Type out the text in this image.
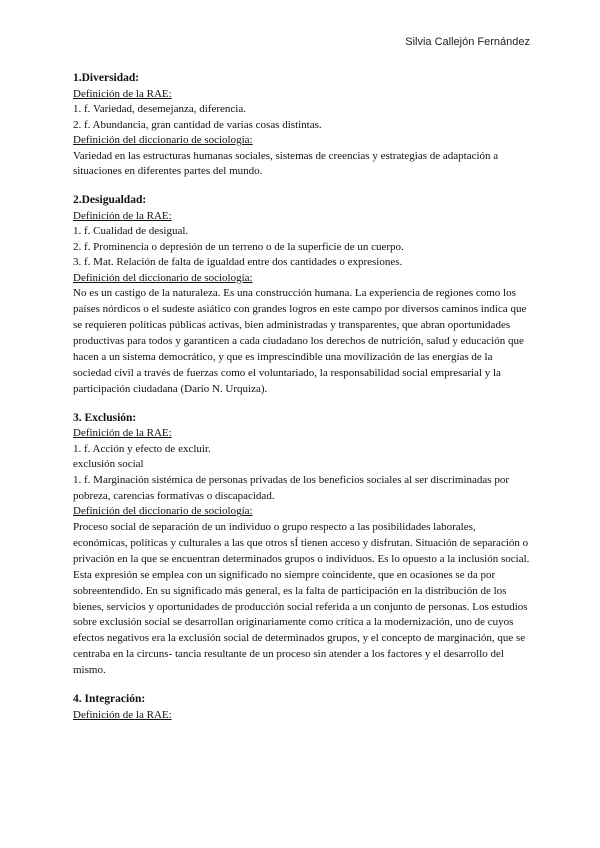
Silvia Callejón Fernández
1.Diversidad:
Definición de la RAE:
1. f. Variedad, desemejanza, diferencia.
2. f. Abundancia, gran cantidad de varias cosas distintas.
Definición del diccionario de sociología:
Variedad en las estructuras humanas sociales, sistemas de creencias y estrategias de adaptación a situaciones en diferentes partes del mundo.
2.Desigualdad:
Definición de la RAE:
1. f. Cualidad de desigual.
2. f. Prominencia o depresión de un terreno o de la superficie de un cuerpo.
3. f. Mat. Relación de falta de igualdad entre dos cantidades o expresiones.
Definición del diccionario de sociología:
No es un castigo de la naturaleza. Es una construcción humana. La experiencia de regiones como los países nórdicos o el sudeste asiático con grandes logros en este campo por diversos caminos indica que se requieren políticas públicas activas, bien administradas y transparentes, que abran oportunidades productivas para todos y garanticen a cada ciudadano los derechos de nutrición, salud y educación que hacen a un sistema democrático, y que es imprescindible una movilización de las energías de la sociedad civil a través de fuerzas como el voluntariado, la responsabilidad social empresarial y la participación ciudadana (Darío N. Urquiza).
3. Exclusión:
Definición de la RAE:
1. f. Acción y efecto de excluir.
exclusión social
1. f. Marginación sistémica de personas privadas de los beneficios sociales al ser discriminadas por pobreza, carencias formativas o discapacidad.
Definición del diccionario de sociología:
Proceso social de separación de un individuo o grupo respecto a las posibilidades laborales, económicas, políticas y culturales a las que otros sÍ tienen acceso y disfrutan. Situación de separación o privación en la que se encuentran determinados grupos o individuos. Es lo opuesto a la inclusión social. Esta expresión se emplea con un significado no siempre coincidente, que en ocasiones se da por sobreentendido. En su significado más general, es la falta de participación en la distribución de los bienes, servicios y oportunidades de producción social referida a un conjunto de personas. Los estudios sobre exclusión social se desarrollan originariamente como crítica a la modernización, uno de cuyos efectos negativos era la exclusión social de determinados grupos, y el concepto de marginación, que se centraba en la circuns- tancia resultante de un proceso sin atender a los factores y el desarrollo del mismo.
4. Integración:
Definición de la RAE:
